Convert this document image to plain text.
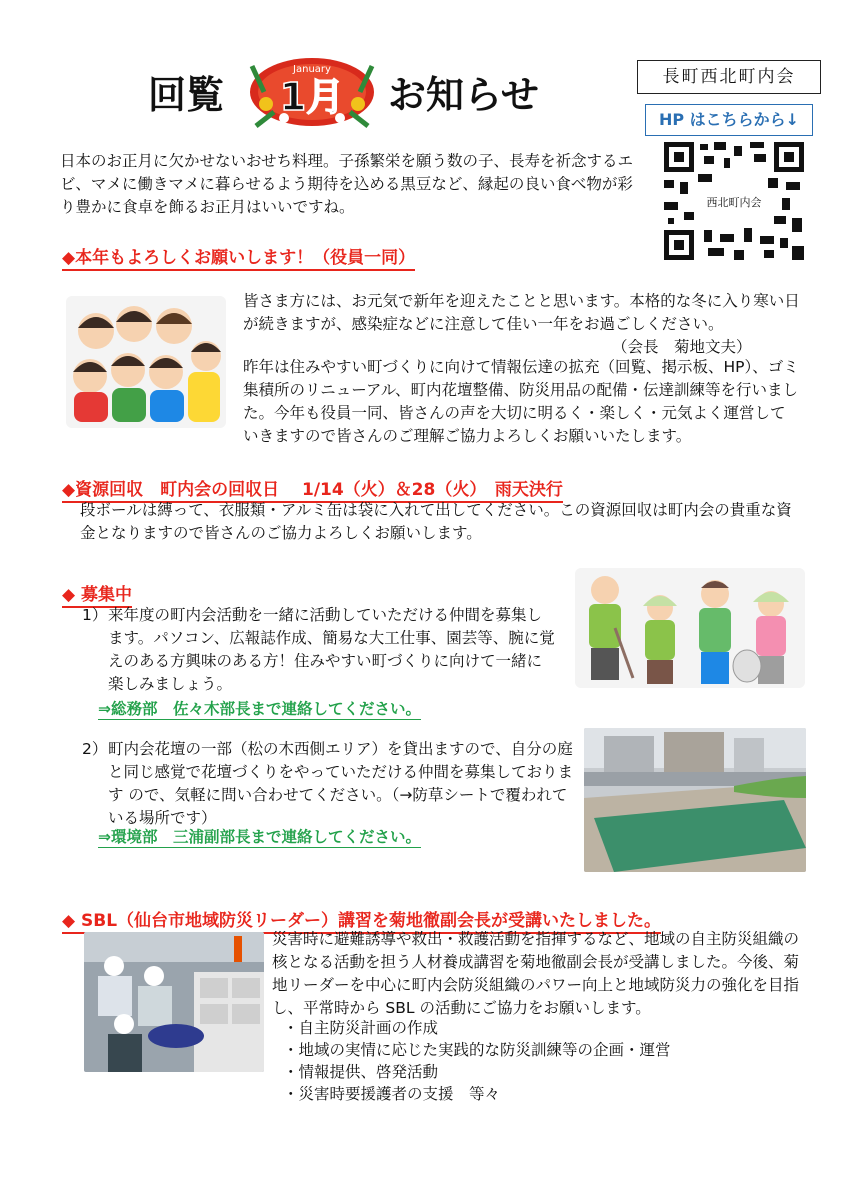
回覧
January
1月 お知らせ	長町西北町内会
HP はこちらから↓
西北町内会
日本のお正月に欠かせないおせち料理。子孫繁栄を願う数の子、長寿を祈念するエビ、マメに働きマメに暮らせるよう期待を込める黒豆など、縁起の良い食べ物が彩り豊かに食卓を飾るお正月はいいですね。
◆本年もよろしくお願いします！（役員一同）
皆さま方には、お元気で新年を迎えたことと思います。本格的な冬に入り寒い日が続きますが、感染症などに注意して佳い一年をお過ごしください。
（会長　菊地文夫）
昨年は住みやすい町づくりに向けて情報伝達の拡充（回覧、掲示板、HP）、ゴミ集積所のリニューアル、町内花壇整備、防災用品の配備・伝達訓練等を行いました。今年も役員一同、皆さんの声を大切に明るく・楽しく・元気よく運営していきますので皆さんのご理解ご協力よろしくお願いいたします。
◆資源回収　町内会の回収日　 1/14（火）＆28（火）　雨天決行
段ボールは縛って、衣服類・アルミ缶は袋に入れて出してください。この資源回収は町内会の貴重な資金となりますので皆さんのご協力よろしくお願いします。
◆ 募集中
1） 来年度の町内会活動を一緒に活動していただける仲間を募集します。パソコン、広報誌作成、簡易な大工仕事、園芸等、腕に覚えのある方興味のある方！住みやすい町づくりに向けて一緒に楽しみましょう。
⇒総務部　佐々木部長まで連絡してください。
2） 町内会花壇の一部（松の木西側エリア）を貸出ますので、自分の庭と同じ感覚で花壇づくりをやっていただける仲間を募集しております ので、気軽に問い合わせてください。（→防草シートで覆われている場所です）
⇒環境部　三浦副部長まで連絡してください。
◆ SBL（仙台市地域防災リーダー）講習を菊地徹副会長が受講いたしました。
災害時に避難誘導や救出・救護活動を指揮するなど、地域の自主防災組織の核となる活動を担う人材養成講習を菊地徹副会長が受講しました。今後、菊地リーダーを中心に町内会防災組織のパワー向上と地域防災力の強化を目指し、平常時から SBL の活動にご協力をお願いします。
・自主防災計画の作成
・地域の実情に応じた実践的な防災訓練等の企画・運営
・情報提供、啓発活動
・災害時要援護者の支援　等々
